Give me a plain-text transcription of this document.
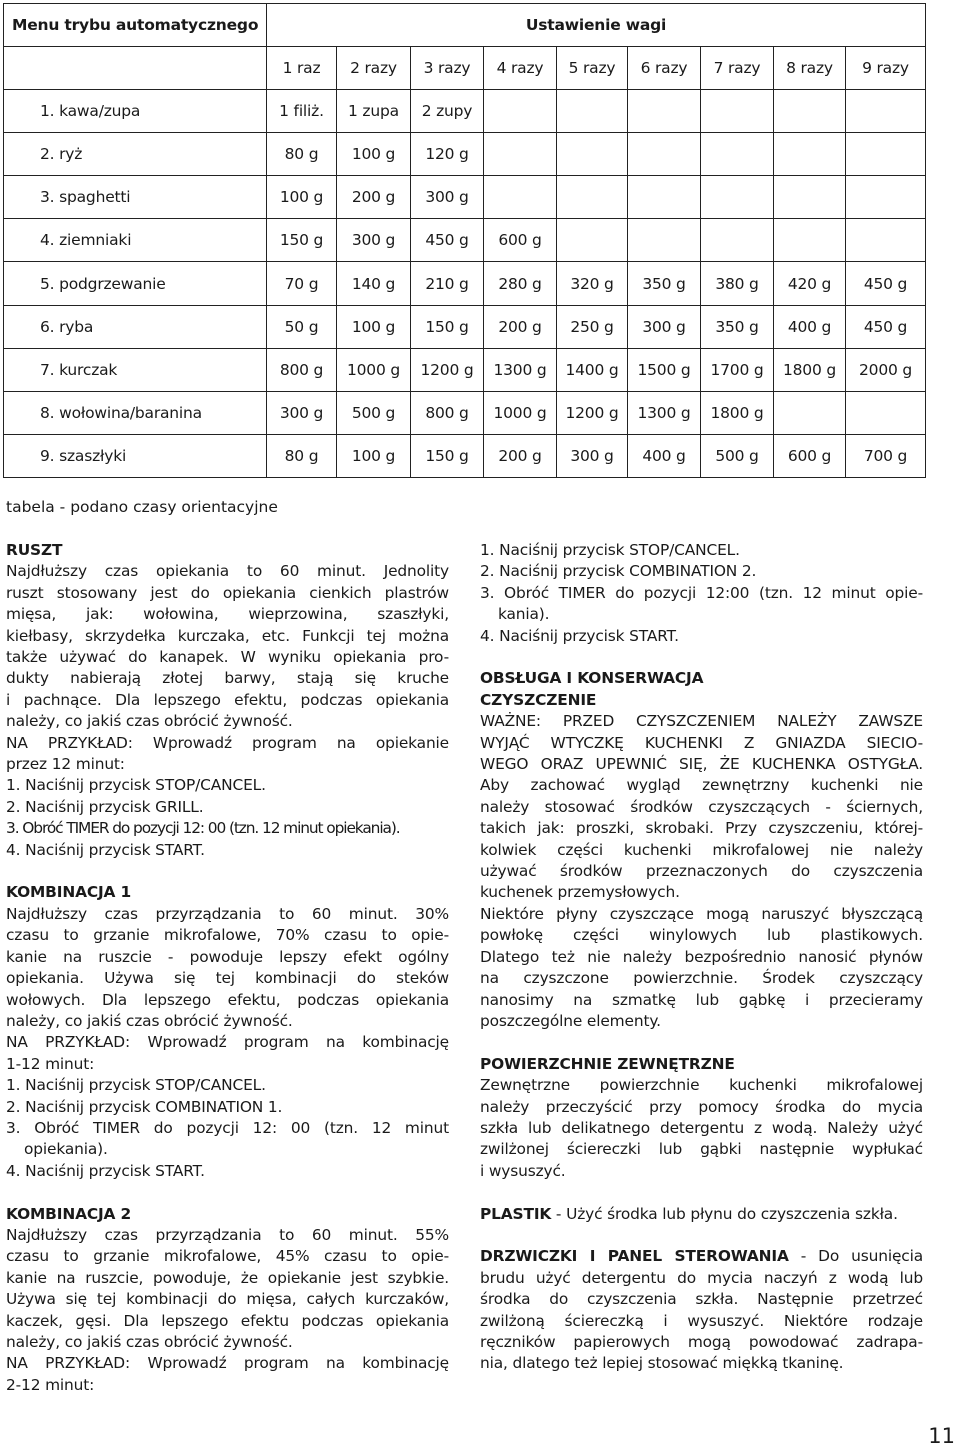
Menu trybu automatycznego	Ustawienie wagi								
	1 raz	2 razy	3 razy	4 razy	5 razy	6 razy	7 razy	8 razy	9 razy
1. kawa/zupa	1 filiż.	1 zupa	2 zupy						
2. ryż	80 g	100 g	120 g						
3. spaghetti	100 g	200 g	300 g						
4. ziemniaki	150 g	300 g	450 g	600 g					
5. podgrzewanie	70 g	140 g	210 g	280 g	320 g	350 g	380 g	420 g	450 g
6. ryba	50 g	100 g	150 g	200 g	250 g	300 g	350 g	400 g	450 g
7. kurczak	800 g	1000 g	1200 g	1300 g	1400 g	1500 g	1700 g	1800 g	2000 g
8. wołowina/baranina	300 g	500 g	800 g	1000 g	1200 g	1300 g	1800 g		
9. szaszłyki	80 g	100 g	150 g	200 g	300 g	400 g	500 g	600 g	700 g
tabela - podano czasy orientacyjne

RUSZT

Najdłuższy czas opiekania to 60 minut. Jednolity

ruszt stosowany jest do opiekania cienkich plastrów

mięsa, jak: wołowina, wieprzowina, szaszłyki,

kiełbasy, skrzydełka kurczaka, etc. Funkcji tej można

także używać do kanapek. W wyniku opiekania pro-

dukty nabierają złotej barwy, stają się kruche

i pachnące. Dla lepszego efektu, podczas opiekania

należy, co jakiś czas obrócić żywność.

NA PRZYKŁAD: Wprowadź program na opiekanie

przez 12 minut:

1. Naciśnij przycisk STOP/CANCEL.

2. Naciśnij przycisk GRILL.

3. Obróć TIMER do pozycji 12: 00 (tzn. 12 minut opiekania).

4. Naciśnij przycisk START.

KOMBINACJA 1

Najdłuższy czas przyrządzania to 60 minut. 30%

czasu to grzanie mikrofalowe, 70% czasu to opie-

kanie na ruszcie - powoduje lepszy efekt ogólny

opiekania. Używa się tej kombinacji do steków

wołowych. Dla lepszego efektu, podczas opiekania

należy, co jakiś czas obrócić żywność.

NA PRZYKŁAD: Wprowadź program na kombinację

1-12 minut:

1. Naciśnij przycisk STOP/CANCEL.

2. Naciśnij przycisk COMBINATION 1.

3. Obróć TIMER do pozycji 12: 00 (tzn. 12 minut

opiekania).

4. Naciśnij przycisk START.

KOMBINACJA 2

Najdłuższy czas przyrządzania to 60 minut. 55%

czasu to grzanie mikrofalowe, 45% czasu to opie-

kanie na ruszcie, powoduje, że opiekanie jest szybkie.

Używa się tej kombinacji do mięsa, całych kurczaków,

kaczek, gęsi. Dla lepszego efektu podczas opiekania

należy, co jakiś czas obrócić żywność.

NA PRZYKŁAD: Wprowadź program na kombinację

2-12 minut:

1. Naciśnij przycisk STOP/CANCEL.

2. Naciśnij przycisk COMBINATION 2.

3. Obróć TIMER do pozycji 12:00 (tzn. 12 minut opie-

kania).

4. Naciśnij przycisk START.

OBSŁUGA I KONSERWACJA

CZYSZCZENIE

WAŻNE: PRZED CZYSZCZENIEM NALEŻY ZAWSZE

WYJĄĆ WTYCZKĘ KUCHENKI Z GNIAZDA SIECIO-

WEGO ORAZ UPEWNIĆ SIĘ, ŻE KUCHENKA OSTYGŁA.

Aby zachować wygląd zewnętrzny kuchenki nie

należy stosować środków czyszczących - ściernych,

takich jak: proszki, skrobaki. Przy czyszczeniu, której-

kolwiek części kuchenki mikrofalowej nie należy

używać środków przeznaczonych do czyszczenia

kuchenek przemysłowych.

Niektóre płyny czyszczące mogą naruszyć błyszczącą

powłokę części winylowych lub plastikowych.

Dlatego też nie należy bezpośrednio nanosić płynów

na czyszczone powierzchnie. Środek czyszczący

nanosimy na szmatkę lub gąbkę i przecieramy

poszczególne elementy.

POWIERZCHNIE ZEWNĘTRZNE

Zewnętrzne powierzchnie kuchenki mikrofalowej

należy przeczyścić przy pomocy środka do mycia

szkła lub delikatnego detergentu z wodą. Należy użyć

zwilżonej ściereczki lub gąbki następnie wypłukać

i wysuszyć.

PLASTIK - Użyć środka lub płynu do czyszczenia szkła.

DRZWICZKI I PANEL STEROWANIA - Do usunięcia

brudu użyć detergentu do mycia naczyń z wodą lub

środka do czyszczenia szkła. Następnie przetrzeć

zwilżoną ściereczką i wysuszyć. Niektóre rodzaje

ręczników papierowych mogą powodować zadrapa-

nia, dlatego też lepiej stosować miękką tkaninę.

11
